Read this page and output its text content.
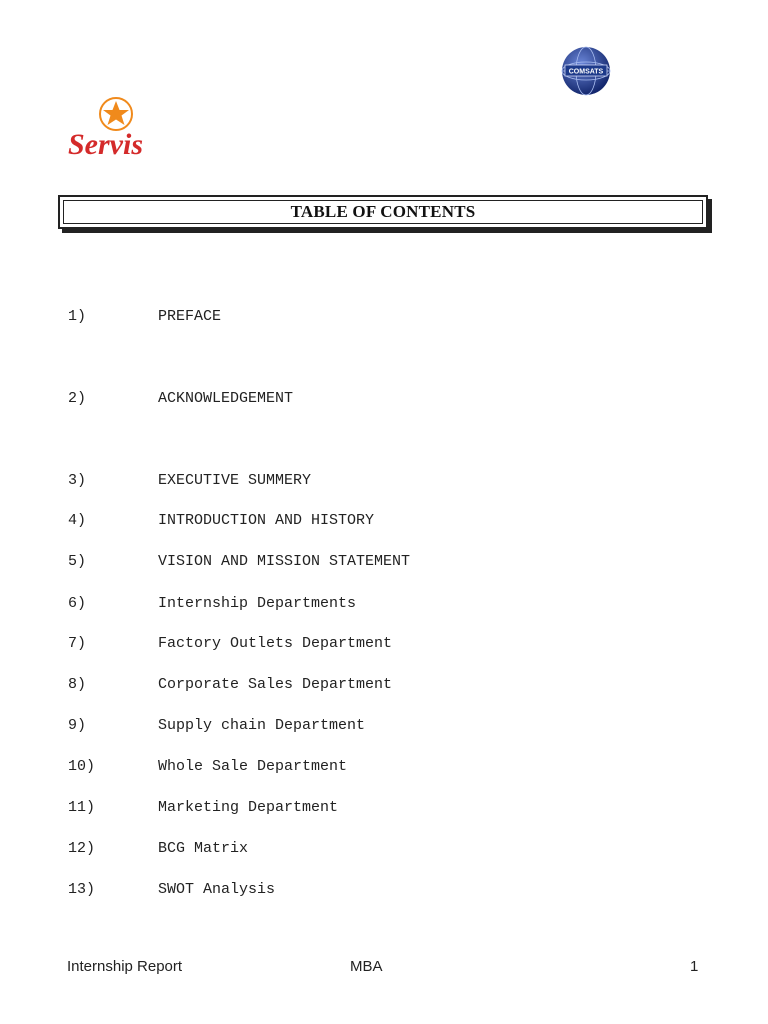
Servis
COMSATS
TABLE OF CONTENTS
1)	PREFACE
2)	ACKNOWLEDGEMENT
3)	EXECUTIVE SUMMERY
4)	INTRODUCTION AND HISTORY
5)	VISION AND MISSION STATEMENT
6)	Internship Departments
7)	Factory Outlets Department
8)	Corporate Sales Department
9)	Supply chain Department
10)	Whole Sale Department
11)	Marketing Department
12)	BCG Matrix
13)	SWOT Analysis
Internship Report	MBA	1
